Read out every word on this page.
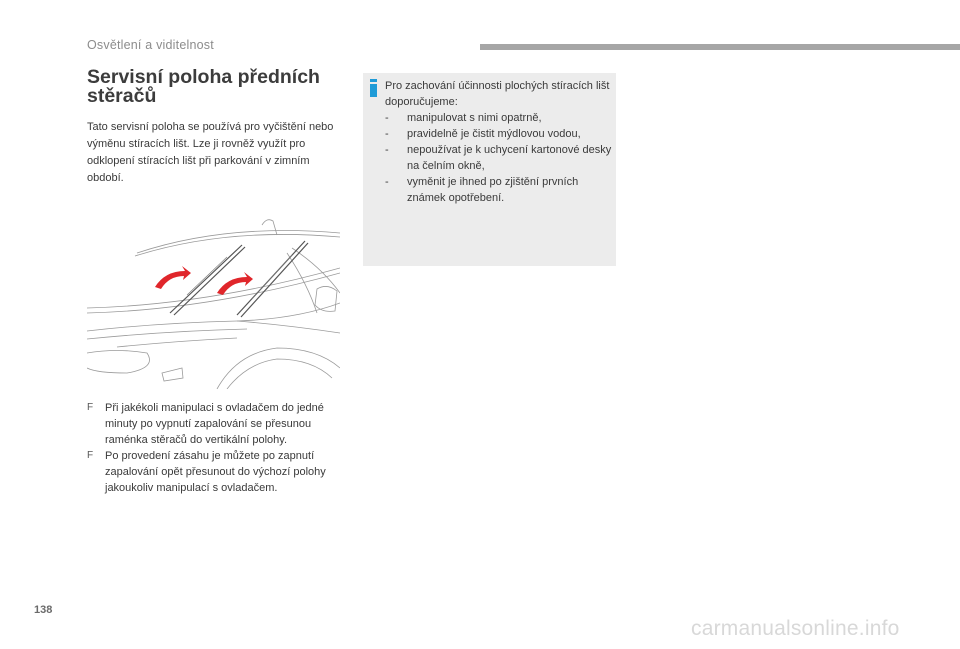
Osvětlení a viditelnost
Servisní poloha předních stěračů

Tato servisní poloha se používá pro vyčištění nebo výměnu stíracích lišt. Lze ji rovněž využít pro odklopení stíracích lišt při parkování v zimním období.

F	Při jakékoli manipulaci s ovladačem do jedné minuty po vypnutí zapalování se přesunou raménka stěračů do vertikální polohy.
F	Po provedení zásahu je můžete po zapnutí zapalování opět přesunout do výchozí polohy jakoukoliv manipulací s ovladačem.
Pro zachování účinnosti plochých stíracích lišt doporučujeme:
- manipulovat s nimi opatrně,
- pravidelně je čistit mýdlovou vodou,
- nepoužívat je k uchycení kartonové desky na čelním okně,
- vyměnit je ihned po zjištění prvních známek opotřebení.
138
carmanualsonline.info
